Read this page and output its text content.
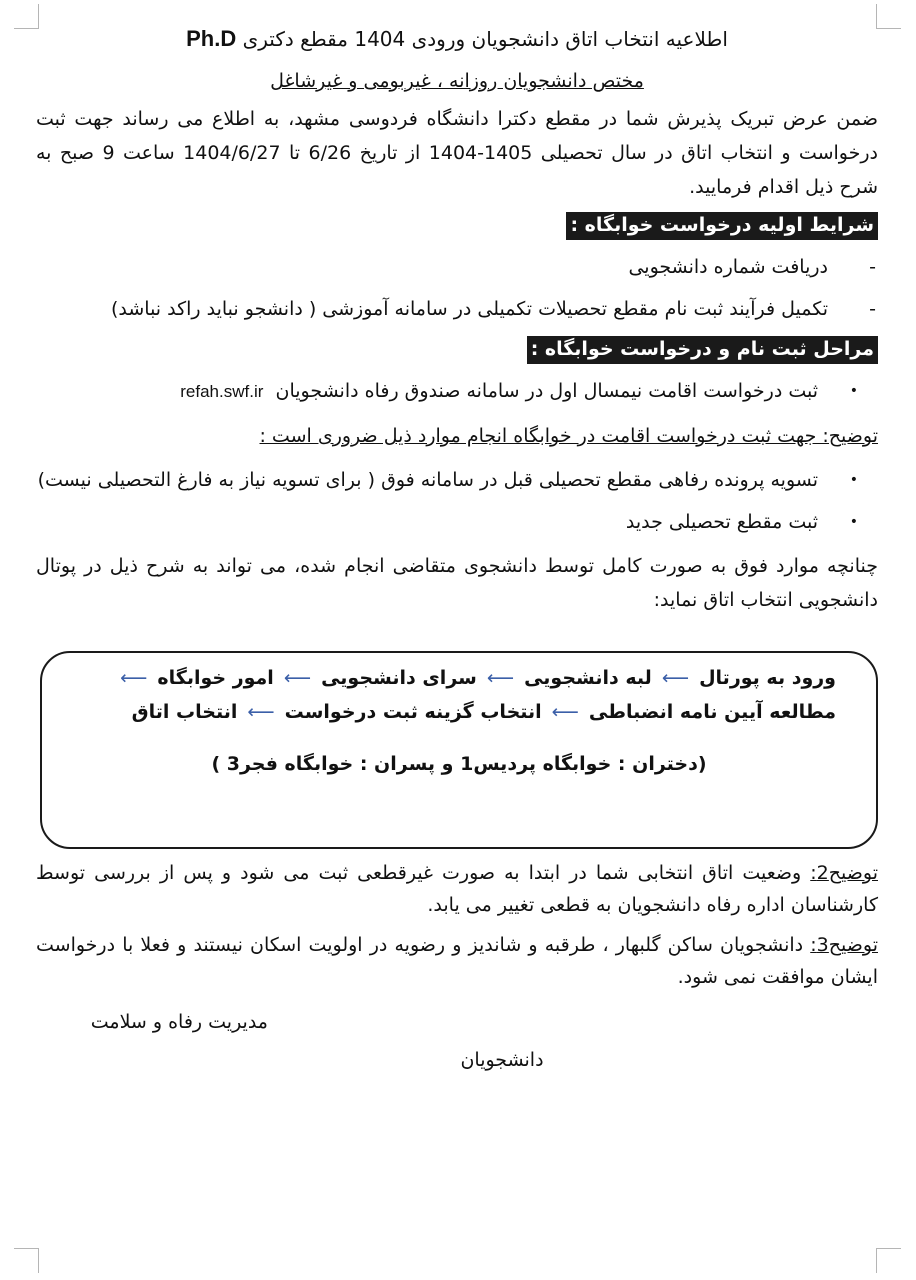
اطلاعیه انتخاب اتاق دانشجویان ورودی 1404 مقطع دکتری Ph.D

مختص دانشجویان روزانه ، غیربومی و غیرشاغل

ضمن عرض تبریک پذیرش شما در مقطع دکترا دانشگاه فردوسی مشهد، به اطلاع می رساند جهت ثبت درخواست و انتخاب اتاق در سال تحصیلی 1405-1404 از تاریخ 6/26 تا 1404/6/27 ساعت 9 صبح به شرح ذیل اقدام فرمایید.

شرایط اولیه درخواست خوابگاه :
-
دریافت شماره دانشجویی
-
تکمیل فرآیند ثبت نام مقطع تحصیلات تکمیلی در سامانه آموزشی ( دانشجو نباید راکد نباشد)
مراحل ثبت نام و درخواست خوابگاه :
•
ثبت درخواست اقامت نیمسال اول در سامانه صندوق رفاه دانشجویان  refah.swf.ir

توضیح: جهت ثبت درخواست اقامت در خوابگاه انجام موارد ذیل ضروری است :

•
تسویه پرونده رفاهی مقطع تحصیلی قبل در سامانه فوق ( برای تسویه نیاز به فارغ التحصیلی نیست)
•
ثبت مقطع تحصیلی جدید

چنانچه موارد فوق به صورت کامل توسط دانشجوی متقاضی انجام شده، می تواند به شرح ذیل در پوتال دانشجویی انتخاب اتاق نماید:

ورود به پورتال⟵لبه دانشجویی⟵سرای دانشجویی⟵امور خوابگاه⟵
مطالعه آیین نامه انضباطی⟵انتخاب گزینه ثبت درخواست⟵انتخاب اتاق
(دختران : خوابگاه پردیس1 و پسران : خوابگاه فجر3 )

توضیح2: وضعیت اتاق انتخابی شما در ابتدا به صورت غیرقطعی ثبت می شود و پس از بررسی توسط کارشناسان اداره رفاه دانشجویان به قطعی تغییر می یابد.

توضیح3: دانشجویان ساکن گلبهار ، طرقبه و شاندیز و رضویه در اولویت اسکان نیستند و فعلا با درخواست ایشان موافقت نمی شود.

مدیریت رفاه و سلامت

دانشجویان
